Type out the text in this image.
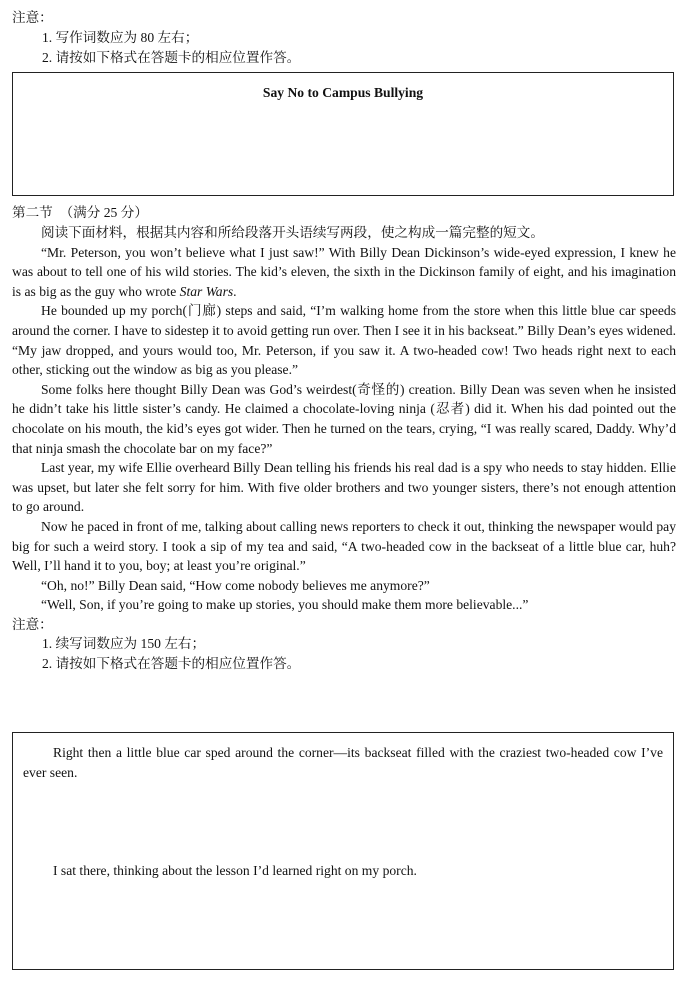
注意：
1. 写作词数应为 80 左右；
2. 请按如下格式在答题卡的相应位置作答。
Say No to Campus Bullying
第二节　（满分 25 分）

阅读下面材料，根据其内容和所给段落开头语续写两段，使之构成一篇完整的短文。

“Mr. Peterson, you won’t believe what I just saw!” With Billy Dean Dickinson’s wide-eyed expression, I knew he was about to tell one of his wild stories. The kid’s eleven, the sixth in the Dickinson family of eight, and his imagination is as big as the guy who wrote Star Wars.

He bounded up my porch(门廊) steps and said, “I’m walking home from the store when this little blue car speeds around the corner. I have to sidestep it to avoid getting run over. Then I see it in his backseat.” Billy Dean’s eyes widened. “My jaw dropped, and yours would too, Mr. Peterson, if you saw it. A two-headed cow! Two heads right next to each other, sticking out the window as big as you please.”

Some folks here thought Billy Dean was God’s weirdest(奇怪的) creation. Billy Dean was seven when he insisted he didn’t take his little sister’s candy. He claimed a chocolate-loving ninja (忍者) did it. When his dad pointed out the chocolate on his mouth, the kid’s eyes got wider. Then he turned on the tears, crying, “I was really scared, Daddy. Why’d that ninja smash the chocolate bar on my face?”

Last year, my wife Ellie overheard Billy Dean telling his friends his real dad is a spy who needs to stay hidden. Ellie was upset, but later she felt sorry for him. With five older brothers and two younger sisters, there’s not enough attention to go around.

Now he paced in front of me, talking about calling news reporters to check it out, thinking the newspaper would pay big for such a weird story. I took a sip of my tea and said, “A two-headed cow in the backseat of a little blue car, huh? Well, I’ll hand it to you, boy; at least you’re original.”

“Oh, no!” Billy Dean said, “How come nobody believes me anymore?”

“Well, Son, if you’re going to make up stories, you should make them more believable...”

注意：

1. 续写词数应为 150 左右；

2. 请按如下格式在答题卡的相应位置作答。

Right then a little blue car sped around the corner—its backseat filled with the craziest two-headed cow I’ve ever seen.

I sat there, thinking about the lesson I’d learned right on my porch.
